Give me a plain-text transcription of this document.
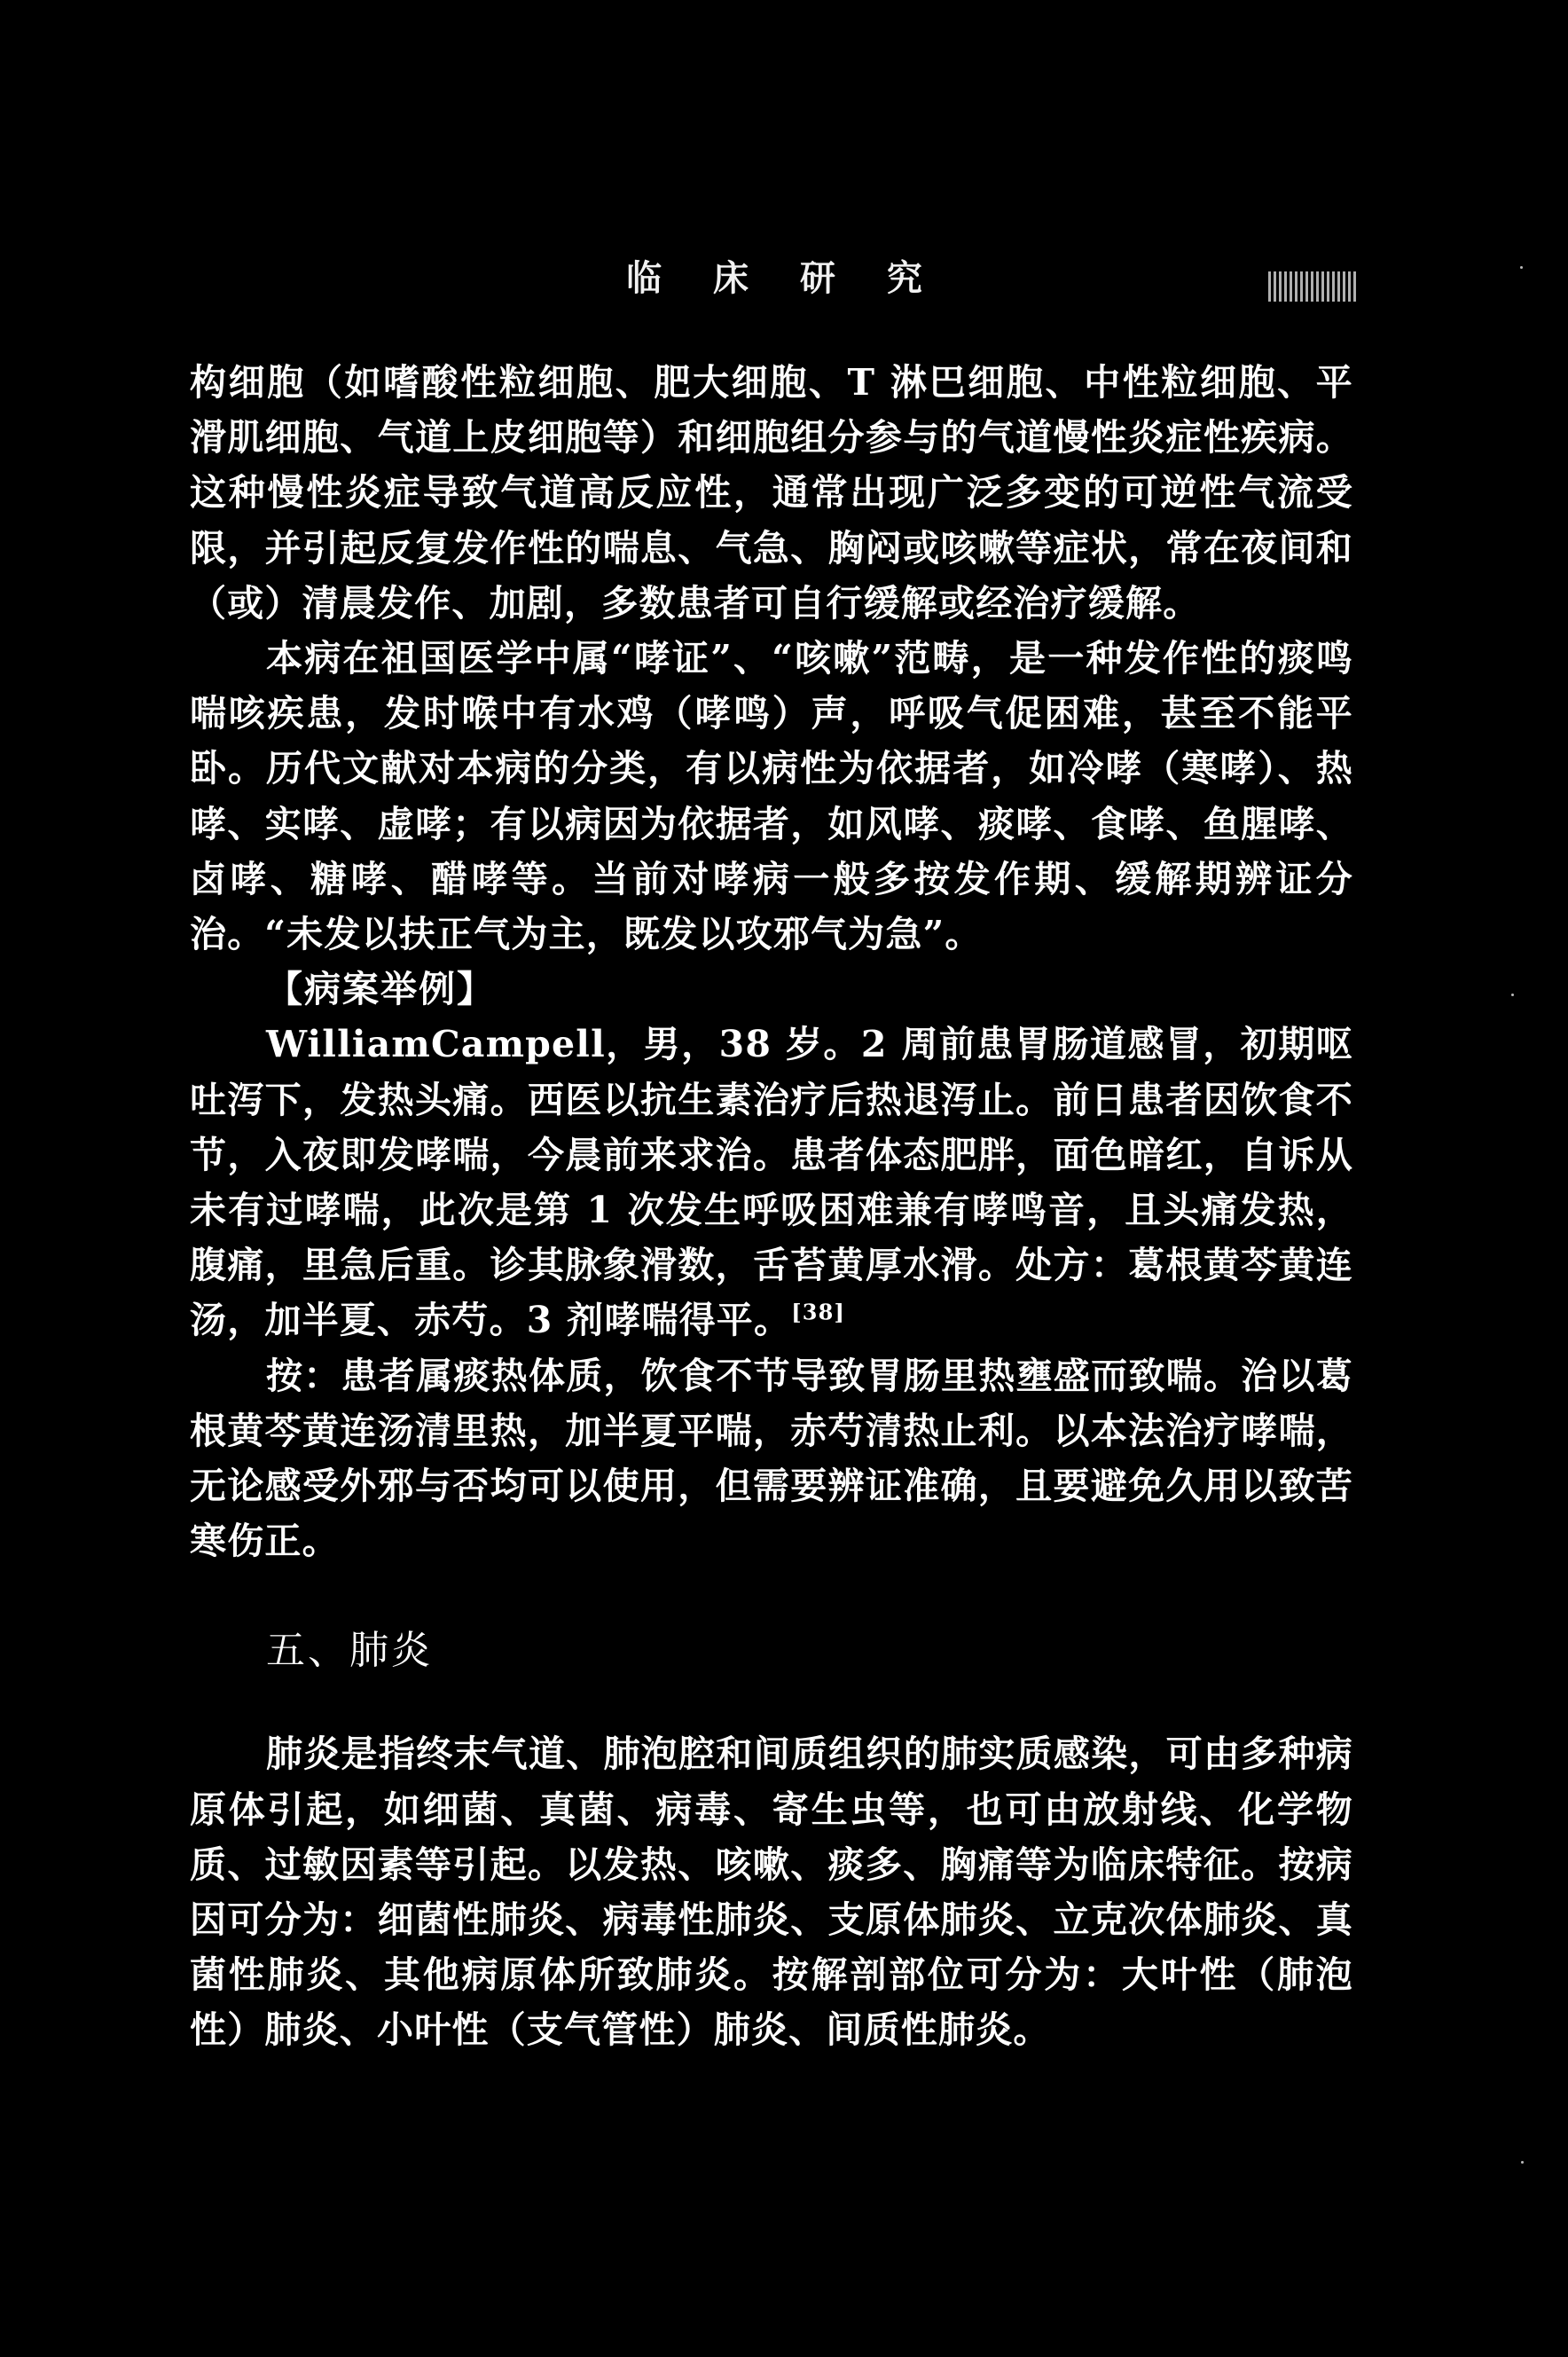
临 床 研 究

构细胞（如嗜酸性粒细胞、肥大细胞、T 淋巴细胞、中性粒细胞、平滑肌细胞、气道上皮细胞等）和细胞组分参与的气道慢性炎症性疾病。这种慢性炎症导致气道高反应性，通常出现广泛多变的可逆性气流受限，并引起反复发作性的喘息、气急、胸闷或咳嗽等症状，常在夜间和（或）清晨发作、加剧，多数患者可自行缓解或经治疗缓解。

本病在祖国医学中属“哮证”、“咳嗽”范畴，是一种发作性的痰鸣喘咳疾患，发时喉中有水鸡（哮鸣）声，呼吸气促困难，甚至不能平卧。历代文献对本病的分类，有以病性为依据者，如冷哮（寒哮）、热哮、实哮、虚哮；有以病因为依据者，如风哮、痰哮、食哮、鱼腥哮、卤哮、糖哮、醋哮等。当前对哮病一般多按发作期、缓解期辨证分治。“未发以扶正气为主，既发以攻邪气为急”。

【病案举例】

WilliamCampell，男，38 岁。2 周前患胃肠道感冒，初期呕吐泻下，发热头痛。西医以抗生素治疗后热退泻止。前日患者因饮食不节，入夜即发哮喘，今晨前来求治。患者体态肥胖，面色暗红，自诉从未有过哮喘，此次是第 1 次发生呼吸困难兼有哮鸣音，且头痛发热，腹痛，里急后重。诊其脉象滑数，舌苔黄厚水滑。处方：葛根黄芩黄连汤，加半夏、赤芍。3 剂哮喘得平。[38]

按：患者属痰热体质，饮食不节导致胃肠里热壅盛而致喘。治以葛根黄芩黄连汤清里热，加半夏平喘，赤芍清热止利。以本法治疗哮喘，无论感受外邪与否均可以使用，但需要辨证准确，且要避免久用以致苦寒伤正。

五、肺炎

肺炎是指终末气道、肺泡腔和间质组织的肺实质感染，可由多种病原体引起，如细菌、真菌、病毒、寄生虫等，也可由放射线、化学物质、过敏因素等引起。以发热、咳嗽、痰多、胸痛等为临床特征。按病因可分为：细菌性肺炎、病毒性肺炎、支原体肺炎、立克次体肺炎、真菌性肺炎、其他病原体所致肺炎。按解剖部位可分为：大叶性（肺泡性）肺炎、小叶性（支气管性）肺炎、间质性肺炎。
